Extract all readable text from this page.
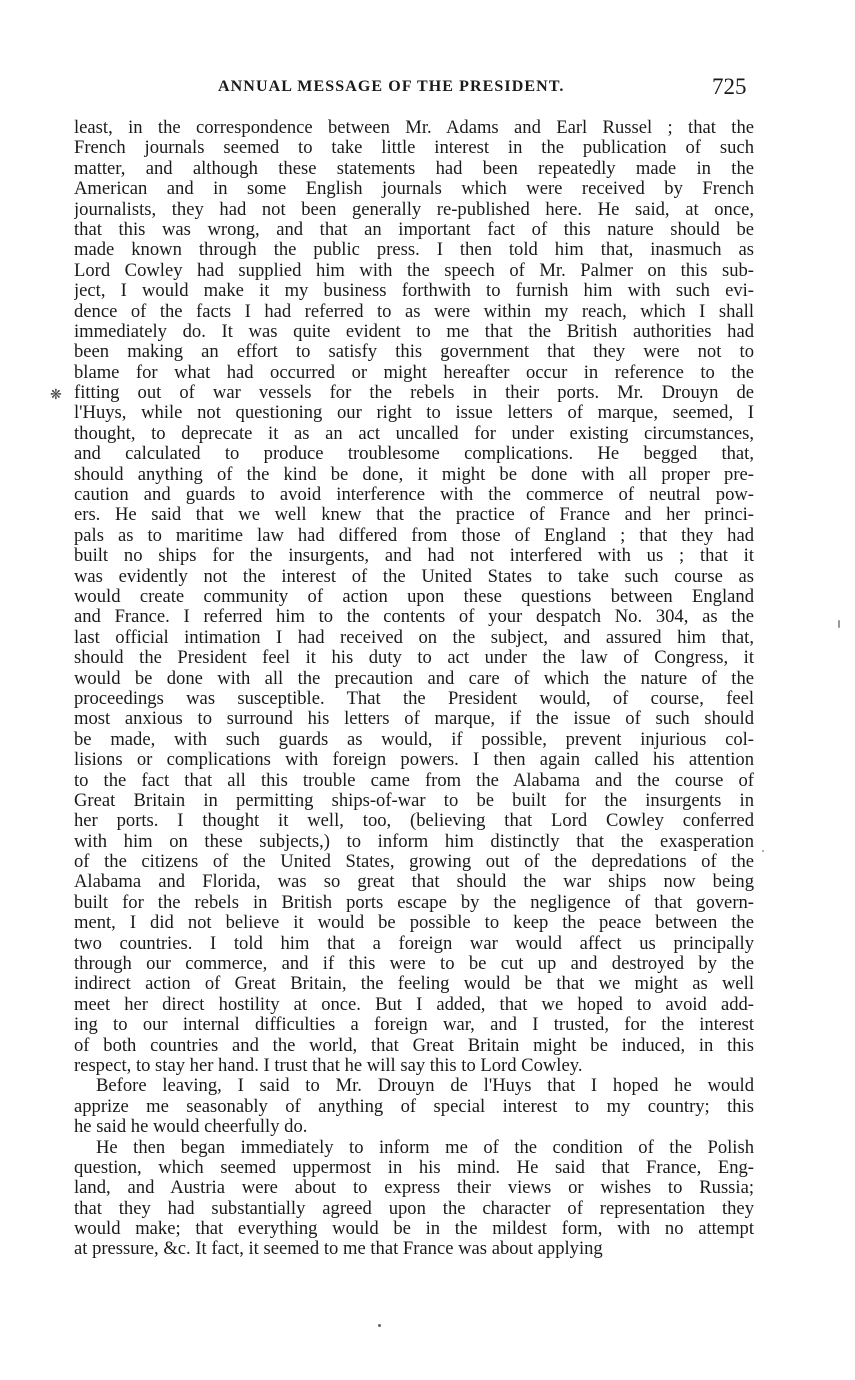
ANNUAL MESSAGE OF THE PRESIDENT.	725
❋
least, in the correspondence between Mr. Adams and Earl Russel ; that the
French journals seemed to take little interest in the publication of such
matter, and although these statements had been repeatedly made in the
American and in some English journals which were received by French
journalists, they had not been generally re-published here. He said, at once,
that this was wrong, and that an important fact of this nature should be
made known through the public press. I then told him that, inasmuch as
Lord Cowley had supplied him with the speech of Mr. Palmer on this sub-
ject, I would make it my business forthwith to furnish him with such evi-
dence of the facts I had referred to as were within my reach, which I shall
immediately do. It was quite evident to me that the British authorities had
been making an effort to satisfy this government that they were not to
blame for what had occurred or might hereafter occur in reference to the
fitting out of war vessels for the rebels in their ports. Mr. Drouyn de
l'Huys, while not questioning our right to issue letters of marque, seemed, I
thought, to deprecate it as an act uncalled for under existing circumstances,
and calculated to produce troublesome complications. He begged that,
should anything of the kind be done, it might be done with all proper pre-
caution and guards to avoid interference with the commerce of neutral pow-
ers. He said that we well knew that the practice of France and her princi-
pals as to maritime law had differed from those of England ; that they had
built no ships for the insurgents, and had not interfered with us ; that it
was evidently not the interest of the United States to take such course as
would create community of action upon these questions between England
and France. I referred him to the contents of your despatch No. 304, as the
last official intimation I had received on the subject, and assured him that,
should the President feel it his duty to act under the law of Congress, it
would be done with all the precaution and care of which the nature of the
proceedings was susceptible. That the President would, of course, feel
most anxious to surround his letters of marque, if the issue of such should
be made, with such guards as would, if possible, prevent injurious col-
lisions or complications with foreign powers. I then again called his attention
to the fact that all this trouble came from the Alabama and the course of
Great Britain in permitting ships-of-war to be built for the insurgents in
her ports. I thought it well, too, (believing that Lord Cowley conferred
with him on these subjects,) to inform him distinctly that the exasperation
of the citizens of the United States, growing out of the depredations of the
Alabama and Florida, was so great that should the war ships now being
built for the rebels in British ports escape by the negligence of that govern-
ment, I did not believe it would be possible to keep the peace between the
two countries. I told him that a foreign war would affect us principally
through our commerce, and if this were to be cut up and destroyed by the
indirect action of Great Britain, the feeling would be that we might as well
meet her direct hostility at once. But I added, that we hoped to avoid add-
ing to our internal difficulties a foreign war, and I trusted, for the interest
of both countries and the world, that Great Britain might be induced, in this
respect, to stay her hand. I trust that he will say this to Lord Cowley.
Before leaving, I said to Mr. Drouyn de l'Huys that I hoped he would
apprize me seasonably of anything of special interest to my country; this
he said he would cheerfully do.
He then began immediately to inform me of the condition of the Polish
question, which seemed uppermost in his mind. He said that France, Eng-
land, and Austria were about to express their views or wishes to Russia;
that they had substantially agreed upon the character of representation they
would make; that everything would be in the mildest form, with no attempt
at pressure, &c. It fact, it seemed to me that France was about applying
